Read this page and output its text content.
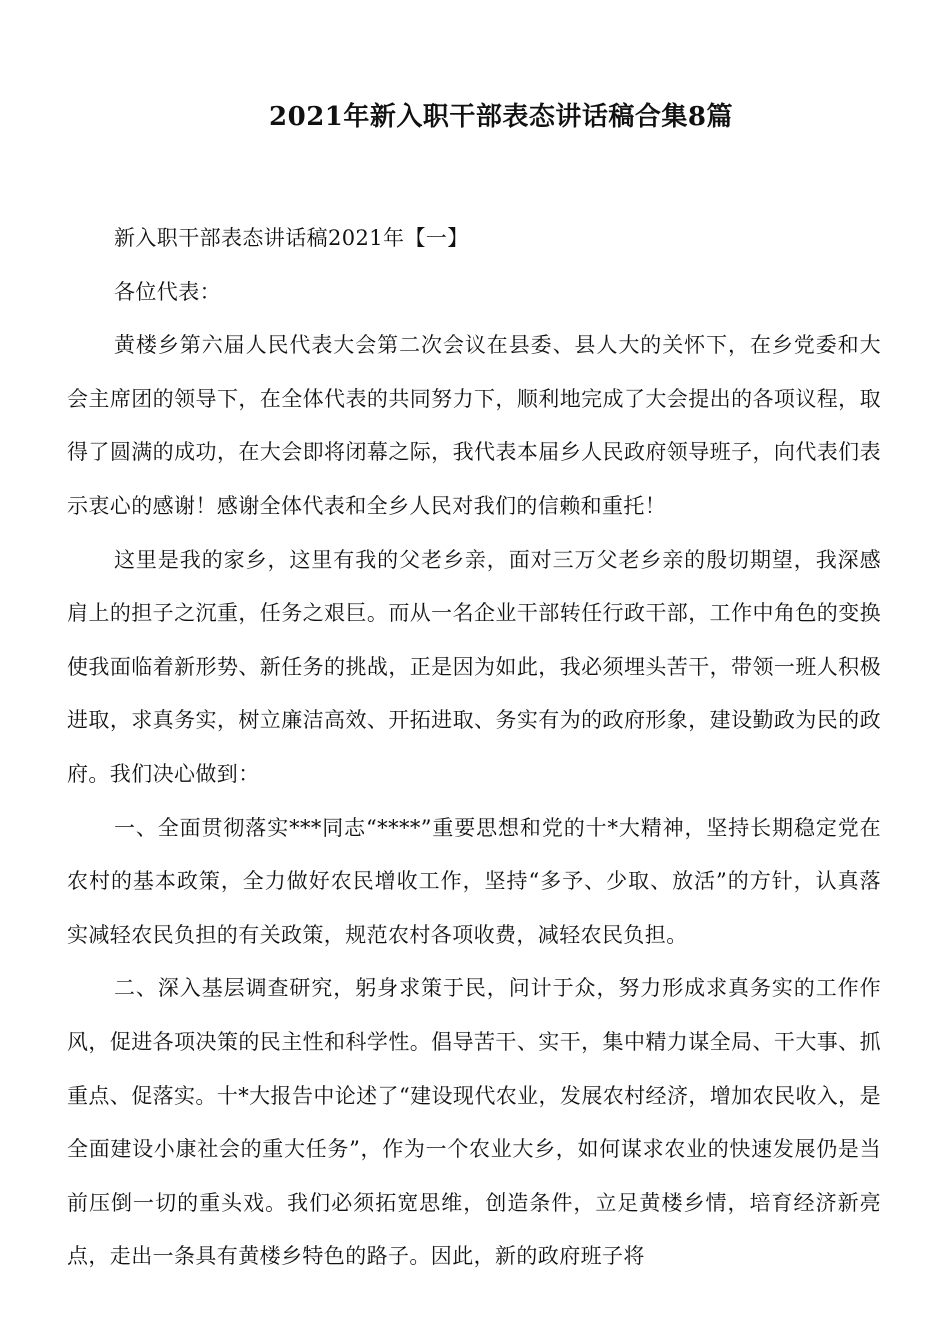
2021年新入职干部表态讲话稿合集8篇

新入职干部表态讲话稿2021年【一】

各位代表：

黄楼乡第六届人民代表大会第二次会议在县委、县人大的关怀下，在乡党委和大会主席团的领导下，在全体代表的共同努力下，顺利地完成了大会提出的各项议程，取得了圆满的成功，在大会即将闭幕之际，我代表本届乡人民政府领导班子，向代表们表示衷心的感谢！感谢全体代表和全乡人民对我们的信赖和重托！

这里是我的家乡，这里有我的父老乡亲，面对三万父老乡亲的殷切期望，我深感肩上的担子之沉重，任务之艰巨。而从一名企业干部转任行政干部，工作中角色的变换使我面临着新形势、新任务的挑战，正是因为如此，我必须埋头苦干，带领一班人积极进取，求真务实，树立廉洁高效、开拓进取、务实有为的政府形象，建设勤政为民的政府。我们决心做到：

一、全面贯彻落实***同志“****”重要思想和党的十*大精神，坚持长期稳定党在农村的基本政策，全力做好农民增收工作，坚持“多予、少取、放活”的方针，认真落实减轻农民负担的有关政策，规范农村各项收费，减轻农民负担。

二、深入基层调查研究，躬身求策于民，问计于众，努力形成求真务实的工作作风，促进各项决策的民主性和科学性。倡导苦干、实干，集中精力谋全局、干大事、抓重点、促落实。十*大报告中论述了“建设现代农业，发展农村经济，增加农民收入，是全面建设小康社会的重大任务”，作为一个农业大乡，如何谋求农业的快速发展仍是当前压倒一切的重头戏。我们必须拓宽思维，创造条件，立足黄楼乡情，培育经济新亮点，走出一条具有黄楼乡特色的路子。因此，新的政府班子将
